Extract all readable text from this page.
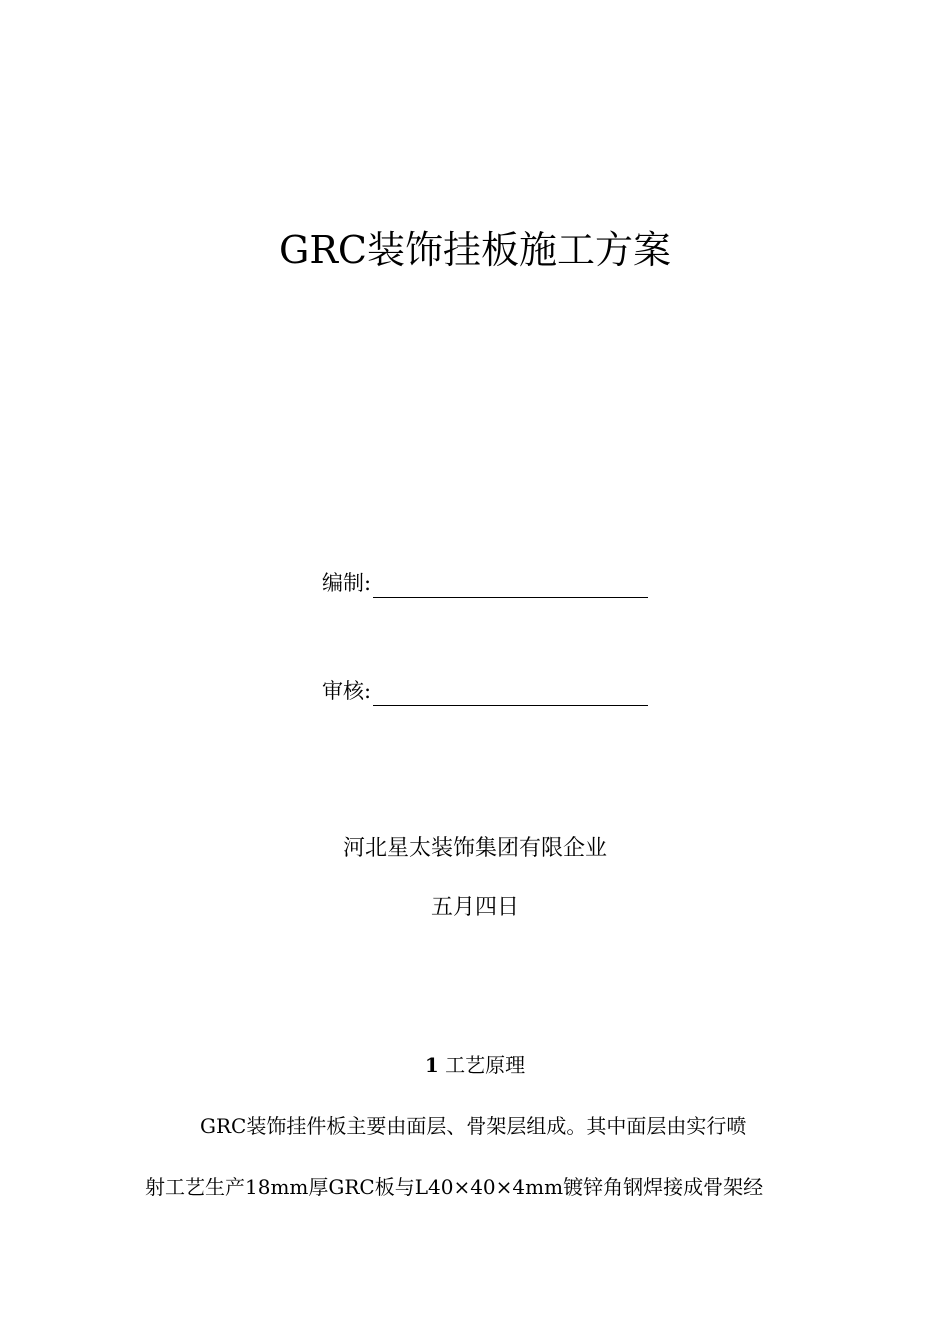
GRC装饰挂板施工方案
编制:
审核:
河北星太装饰集团有限企业
五月四日
1 工艺原理
GRC装饰挂件板主要由面层、骨架层组成。其中面层由实行喷
射工艺生产18mm厚GRC板与L40×40×4mm镀锌角钢焊接成骨架经
